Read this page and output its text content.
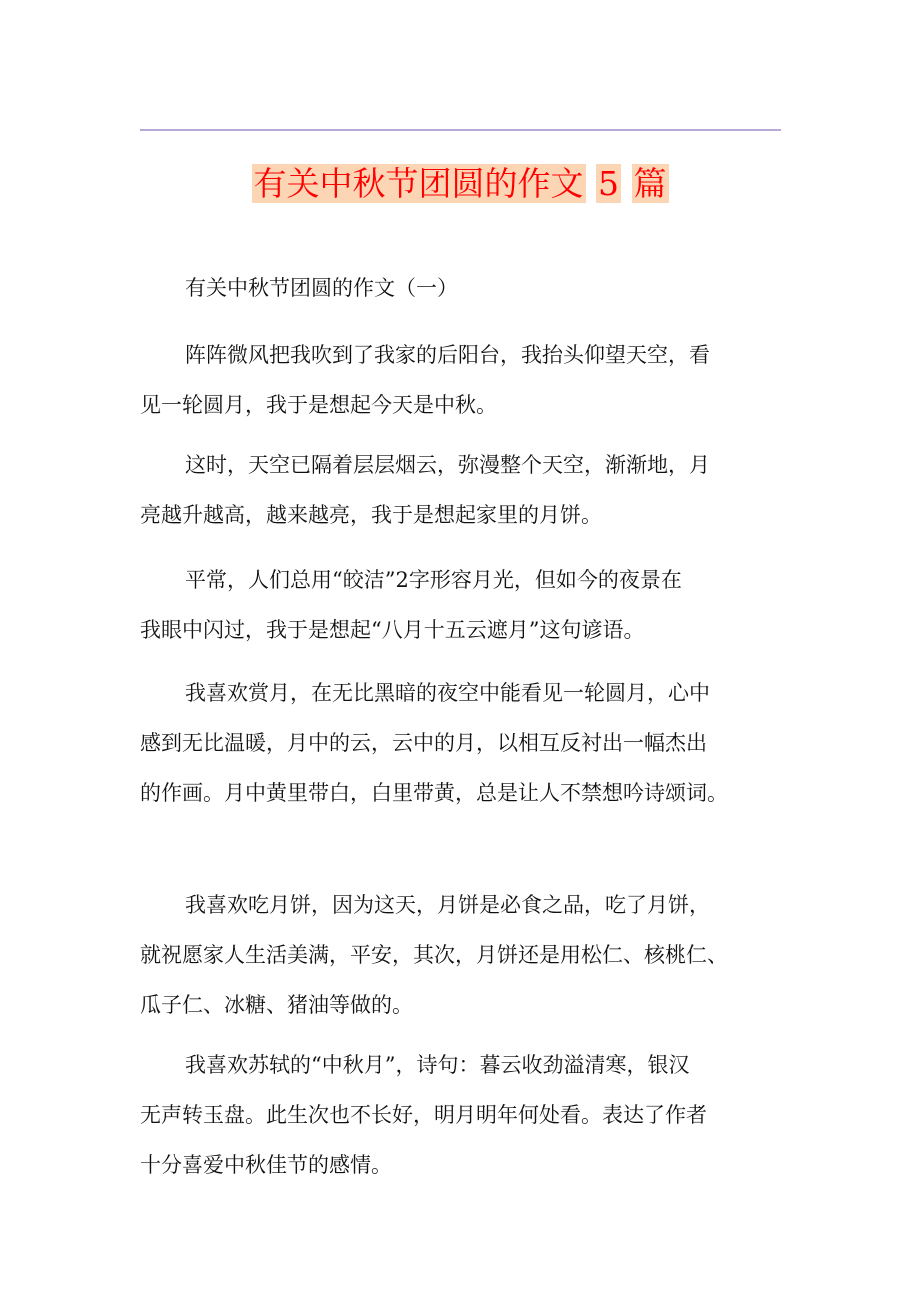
有关中秋节团圆的作文 5 篇
有关中秋节团圆的作文（一）
阵阵微风把我吹到了我家的后阳台，我抬头仰望天空，看
见一轮圆月，我于是想起今天是中秋。
这时，天空已隔着层层烟云，弥漫整个天空，渐渐地，月
亮越升越高，越来越亮，我于是想起家里的月饼。
平常，人们总用“皎洁”2字形容月光，但如今的夜景在
我眼中闪过，我于是想起“八月十五云遮月”这句谚语。
我喜欢赏月，在无比黑暗的夜空中能看见一轮圆月，心中
感到无比温暖，月中的云，云中的月，以相互反衬出一幅杰出
的作画。月中黄里带白，白里带黄，总是让人不禁想吟诗颂词。
我喜欢吃月饼，因为这天，月饼是必食之品，吃了月饼，
就祝愿家人生活美满，平安，其次，月饼还是用松仁、核桃仁、
瓜子仁、冰糖、猪油等做的。
我喜欢苏轼的“中秋月”，诗句：暮云收劲溢清寒，银汉
无声转玉盘。此生次也不长好，明月明年何处看。表达了作者
十分喜爱中秋佳节的感情。
